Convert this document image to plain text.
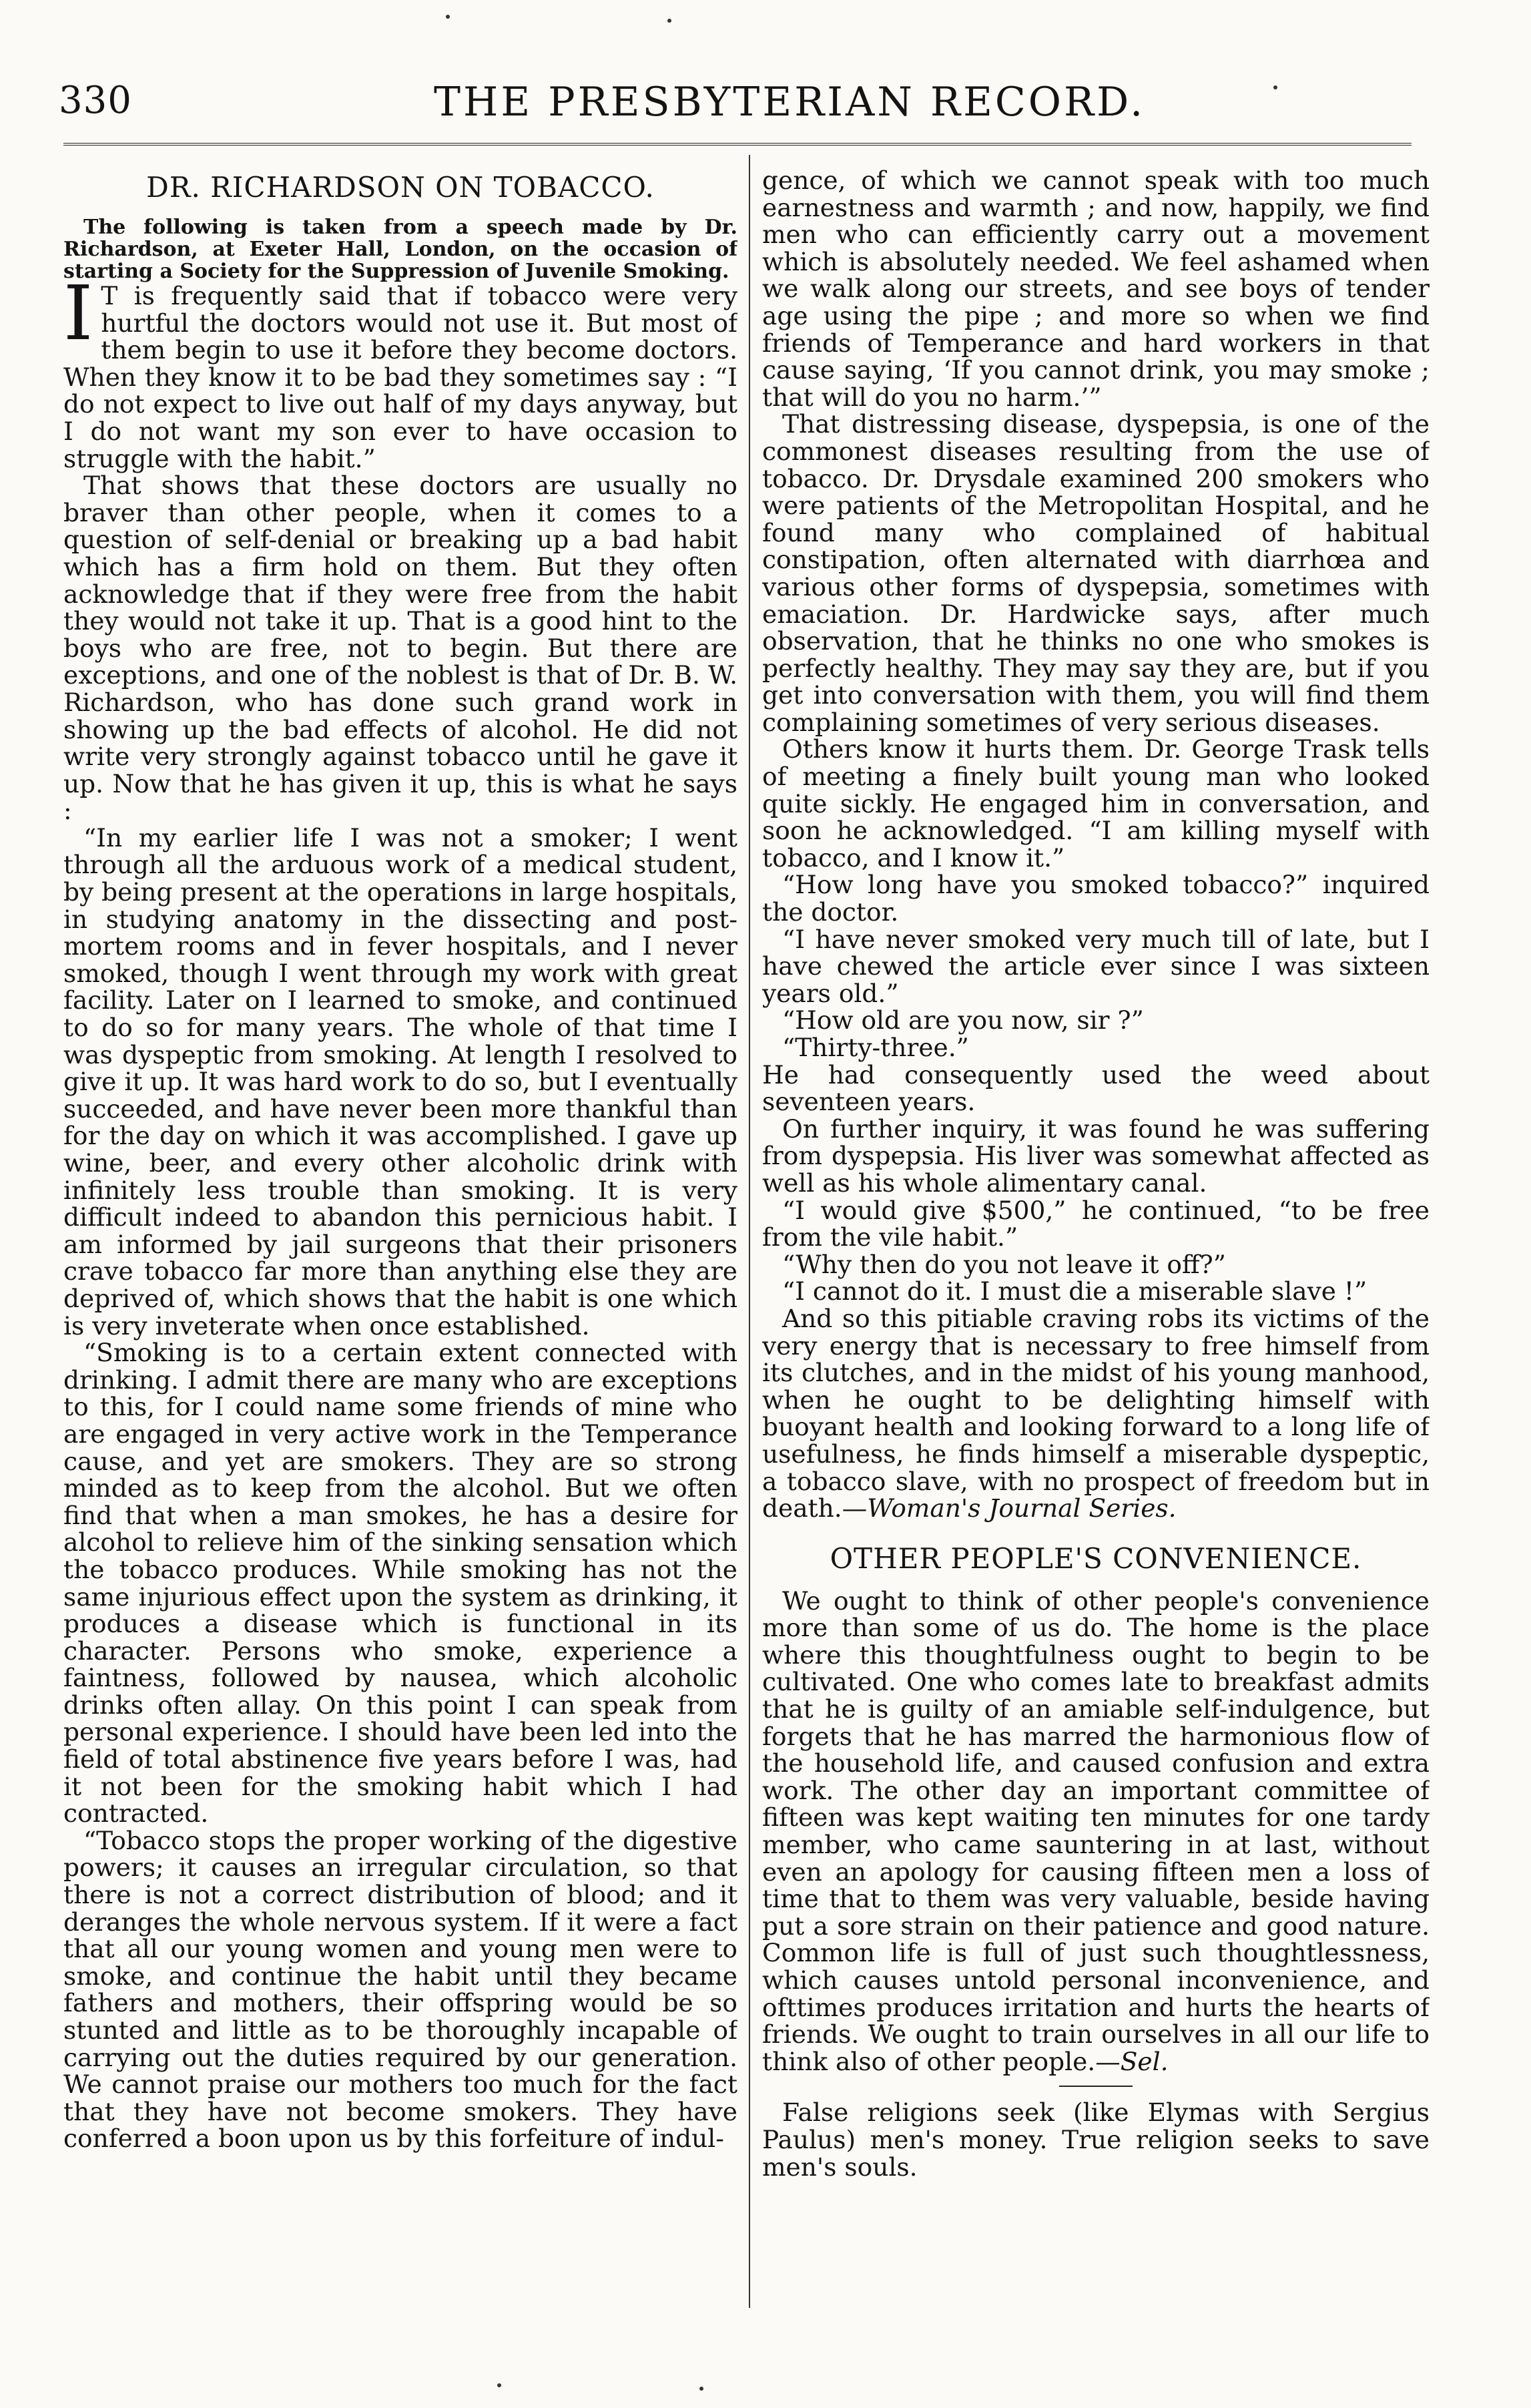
330	THE PRESBYTERIAN RECORD.
DR. RICHARDSON ON TOBACCO.

The following is taken from a speech made by Dr. Richardson, at Exeter Hall, London, on the occasion of starting a Society for the Suppression of Juvenile Smoking.

I T is frequently said that if tobacco were very hurtful the doctors would not use it. But most of them begin to use it before they become doctors. When they know it to be bad they sometimes say : “I do not expect to live out half of my days anyway, but I do not want my son ever to have occasion to struggle with the habit.”

That shows that these doctors are usually no braver than other people, when it comes to a question of self-denial or breaking up a bad habit which has a firm hold on them. But they often acknowledge that if they were free from the habit they would not take it up. That is a good hint to the boys who are free, not to begin. But there are exceptions, and one of the noblest is that of Dr. B. W. Richardson, who has done such grand work in showing up the bad effects of alcohol. He did not write very strongly against tobacco until he gave it up. Now that he has given it up, this is what he says :

“In my earlier life I was not a smoker; I went through all the arduous work of a medical student, by being present at the operations in large hospitals, in studying anatomy in the dissecting and post-mortem rooms and in fever hospitals, and I never smoked, though I went through my work with great facility. Later on I learned to smoke, and continued to do so for many years. The whole of that time I was dyspeptic from smoking. At length I resolved to give it up. It was hard work to do so, but I eventually succeeded, and have never been more thankful than for the day on which it was accomplished. I gave up wine, beer, and every other alcoholic drink with infinitely less trouble than smoking. It is very difficult indeed to abandon this pernicious habit. I am informed by jail surgeons that their prisoners crave tobacco far more than anything else they are deprived of, which shows that the habit is one which is very inveterate when once established.

“Smoking is to a certain extent connected with drinking. I admit there are many who are exceptions to this, for I could name some friends of mine who are engaged in very active work in the Temperance cause, and yet are smokers. They are so strong minded as to keep from the alcohol. But we often find that when a man smokes, he has a desire for alcohol to relieve him of the sinking sensation which the tobacco produces. While smoking has not the same injurious effect upon the system as drinking, it produces a disease which is functional in its character. Persons who smoke, experience a faintness, followed by nausea, which alcoholic drinks often allay. On this point I can speak from personal experience. I should have been led into the field of total abstinence five years before I was, had it not been for the smoking habit which I had contracted.

“Tobacco stops the proper working of the digestive powers; it causes an irregular circulation, so that there is not a correct distribution of blood; and it deranges the whole nervous system. If it were a fact that all our young women and young men were to smoke, and continue the habit until they became fathers and mothers, their offspring would be so stunted and little as to be thoroughly incapable of carrying out the duties required by our generation. We cannot praise our mothers too much for the fact that they have not become smokers. They have conferred a boon upon us by this forfeiture of indul-

gence, of which we cannot speak with too much earnestness and warmth ; and now, happily, we find men who can efficiently carry out a movement which is absolutely needed. We feel ashamed when we walk along our streets, and see boys of tender age using the pipe ; and more so when we find friends of Temperance and hard workers in that cause saying, ‘If you cannot drink, you may smoke ; that will do you no harm.’”

That distressing disease, dyspepsia, is one of the commonest diseases resulting from the use of tobacco. Dr. Drysdale examined 200 smokers who were patients of the Metropolitan Hospital, and he found many who complained of habitual constipation, often alternated with diarrhœa and various other forms of dyspepsia, sometimes with emaciation. Dr. Hardwicke says, after much observation, that he thinks no one who smokes is perfectly healthy. They may say they are, but if you get into conversation with them, you will find them complaining sometimes of very serious diseases.

Others know it hurts them. Dr. George Trask tells of meeting a finely built young man who looked quite sickly. He engaged him in conversation, and soon he acknowledged. “I am killing myself with tobacco, and I know it.”

“How long have you smoked tobacco?” inquired the doctor.

“I have never smoked very much till of late, but I have chewed the article ever since I was sixteen years old.”

“How old are you now, sir ?”

“Thirty-three.”

He had consequently used the weed about seventeen years.

On further inquiry, it was found he was suffering from dyspepsia. His liver was somewhat affected as well as his whole alimentary canal.

“I would give $500,” he continued, “to be free from the vile habit.”

“Why then do you not leave it off?”

“I cannot do it. I must die a miserable slave !”

And so this pitiable craving robs its victims of the very energy that is necessary to free himself from its clutches, and in the midst of his young manhood, when he ought to be delighting himself with buoyant health and looking forward to a long life of usefulness, he finds himself a miserable dyspeptic, a tobacco slave, with no prospect of freedom but in death.—Woman's Journal Series.

OTHER PEOPLE'S CONVENIENCE.

We ought to think of other people's convenience more than some of us do. The home is the place where this thoughtfulness ought to begin to be cultivated. One who comes late to breakfast admits that he is guilty of an amiable self-indulgence, but forgets that he has marred the harmonious flow of the household life, and caused confusion and extra work. The other day an important committee of fifteen was kept waiting ten minutes for one tardy member, who came sauntering in at last, without even an apology for causing fifteen men a loss of time that to them was very valuable, beside having put a sore strain on their patience and good nature. Common life is full of just such thoughtlessness, which causes untold personal inconvenience, and ofttimes produces irritation and hurts the hearts of friends. We ought to train ourselves in all our life to think also of other people.—Sel.

False religions seek (like Elymas with Sergius Paulus) men's money. True religion seeks to save men's souls.
